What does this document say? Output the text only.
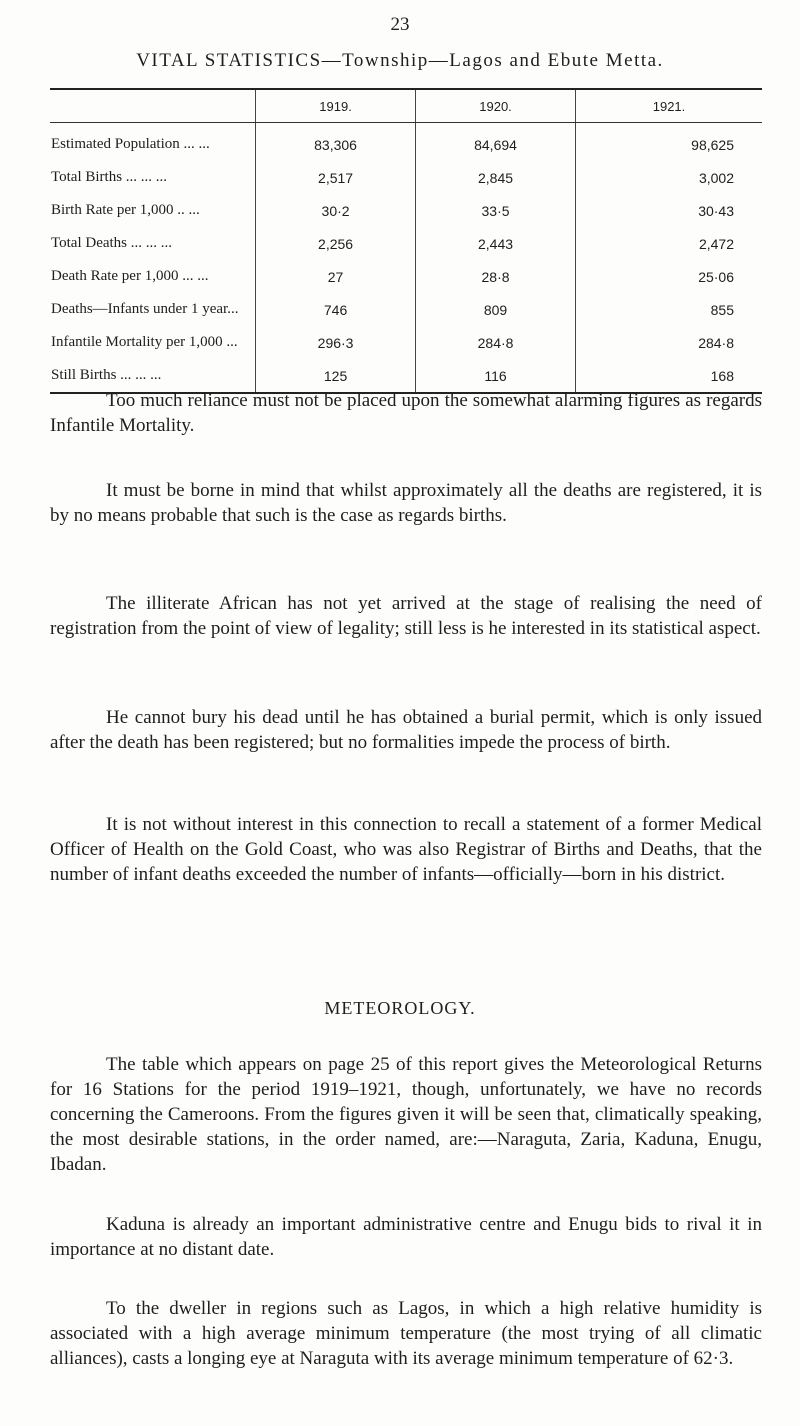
23
VITAL STATISTICS—Township—Lagos and Ebute Metta.
	1919.	1920.	1921.
Estimated Population ... ...	83,306	84,694	98,625
Total Births ... ... ...	2,517	2,845	3,002
Birth Rate per 1,000 .. ...	30·2	33·5	30·43
Total Deaths ... ... ...	2,256	2,443	2,472
Death Rate per 1,000 ... ...	27	28·8	25·06
Deaths—Infants under 1 year...	746	809	855
Infantile Mortality per 1,000 ...	296·3	284·8	284·8
Still Births ... ... ...	125	116	168

Too much reliance must not be placed upon the somewhat alarming figures as regards Infantile Mortality.

It must be borne in mind that whilst approximately all the deaths are registered, it is by no means probable that such is the case as regards births.

The illiterate African has not yet arrived at the stage of realising the need of registration from the point of view of legality; still less is he interested in its statistical aspect.

He cannot bury his dead until he has obtained a burial permit, which is only issued after the death has been registered; but no formalities impede the process of birth.

It is not without interest in this connection to recall a statement of a former Medical Officer of Health on the Gold Coast, who was also Registrar of Births and Deaths, that the number of infant deaths exceeded the number of infants—officially—born in his district.

METEOROLOGY.

The table which appears on page 25 of this report gives the Meteorological Returns for 16 Stations for the period 1919–1921, though, unfortunately, we have no records concerning the Cameroons. From the figures given it will be seen that, climatically speaking, the most desirable stations, in the order named, are:—Naraguta, Zaria, Kaduna, Enugu, Ibadan.

Kaduna is already an important administrative centre and Enugu bids to rival it in importance at no distant date.

To the dweller in regions such as Lagos, in which a high relative humidity is associated with a high average minimum temperature (the most trying of all climatic alliances), casts a longing eye at Naraguta with its average minimum temperature of 62·3.
